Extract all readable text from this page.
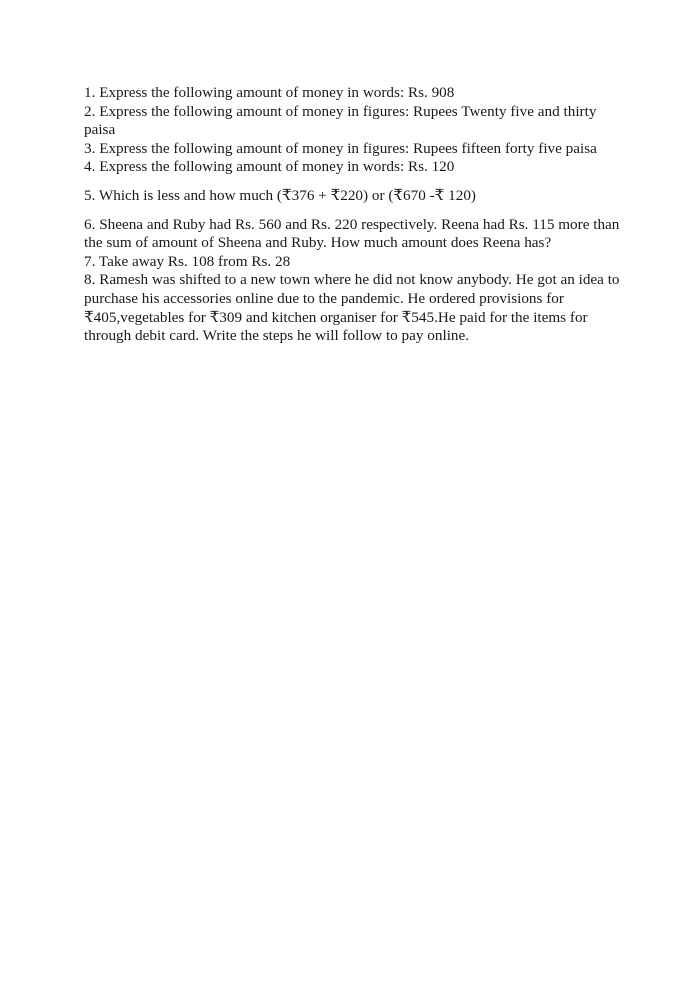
1. Express the following amount of money in words: Rs. 908

2. Express the following amount of money in figures: Rupees Twenty five and thirty paisa

3. Express the following amount of money in figures: Rupees fifteen forty five paisa

4. Express the following amount of money in words: Rs. 120

5. Which is less and how much (₹376 + ₹220) or (₹670 -₹ 120)

6. Sheena and Ruby had Rs. 560 and Rs. 220 respectively. Reena had Rs. 115 more than the sum of amount of Sheena and Ruby. How much amount does Reena has?

7. Take away Rs. 108 from Rs. 28

8. Ramesh was shifted to a new town where he did not know anybody. He got an idea to purchase his accessories online due to the pandemic. He ordered provisions for ₹405,vegetables for ₹309 and kitchen organiser for ₹545.He paid for the items for through debit card. Write the steps he will follow to pay online.
